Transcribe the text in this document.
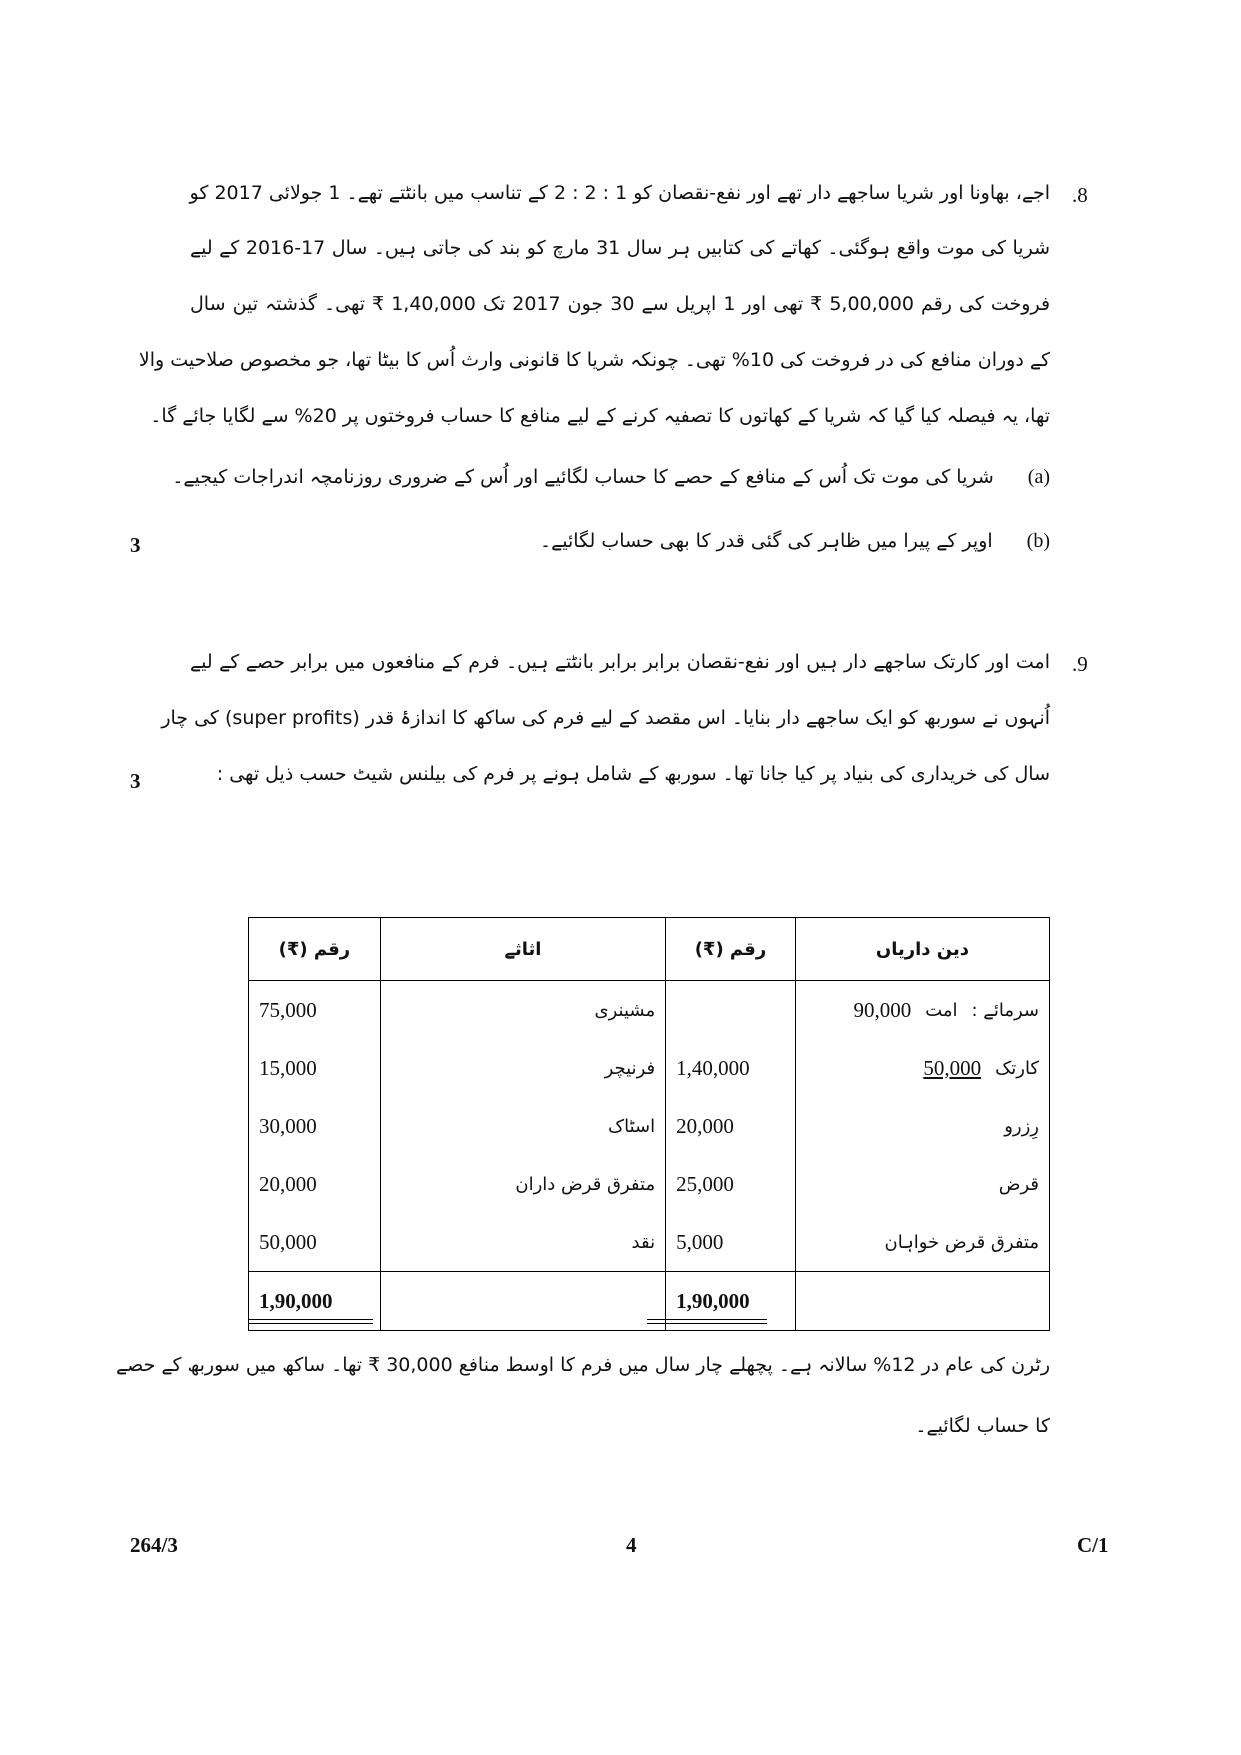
.8
اجے، بھاونا اور شریا ساجھے دار تھے اور نفع-نقصان کو 1 : 2 : 2 کے تناسب میں بانٹتے تھے۔ 1 جولائی 2017 کو
شریا کی موت واقع ہوگئی۔ کھاتے کی کتابیں ہر سال 31 مارچ کو بند کی جاتی ہیں۔ سال 17-2016 کے لیے
فروخت کی رقم 5,00,000 ₹ تھی اور 1 اپریل سے 30 جون 2017 تک 1,40,000 ₹ تھی۔ گذشتہ تین سال
کے دوران منافع کی در فروخت کی 10% تھی۔ چونکہ شریا کا قانونی وارث اُس کا بیٹا تھا، جو مخصوص صلاحیت والا
تھا، یہ فیصلہ کیا گیا کہ شریا کے کھاتوں کا تصفیہ کرنے کے لیے منافع کا حساب فروختوں پر 20% سے لگایا جائے گا۔
(a)شریا کی موت تک اُس کے منافع کے حصے کا حساب لگائیے اور اُس کے ضروری روزنامچہ اندراجات کیجیے۔
(b)اوپر کے پیرا میں ظاہر کی گئی قدر کا بھی حساب لگائیے۔
3
.9
امت اور کارتک ساجھے دار ہیں اور نفع-نقصان برابر برابر بانٹتے ہیں۔ فرم کے منافعوں میں برابر حصے کے لیے
اُنہوں نے سوربھ کو ایک ساجھے دار بنایا۔ اس مقصد کے لیے فرم کی ساکھ کا اندازۂ قدر (super profits) کی چار
سال کی خریداری کی بنیاد پر کیا جانا تھا۔ سوربھ کے شامل ہونے پر فرم کی بیلنس شیٹ حسب ذیل تھی :
3
دین داریاں	رقم (₹)	اثاثے	رقم (₹)

سرمائے :
امت
90,000		مشینری	75,000

کارتک
50,000	1,40,000	فرنیچر	15,000
رِزرو	20,000	اسٹاک	30,000
قرض	25,000	متفرق قرض داران	20,000
متفرق قرض خواہان	5,000	نقد	50,000
	1,90,000		1,90,000
رٹرن کی عام در 12% سالانہ ہے۔ پچھلے چار سال میں فرم کا اوسط منافع 30,000 ₹ تھا۔ ساکھ میں سوربھ کے حصے
کا حساب لگائیے۔
264/3	4	C/1
